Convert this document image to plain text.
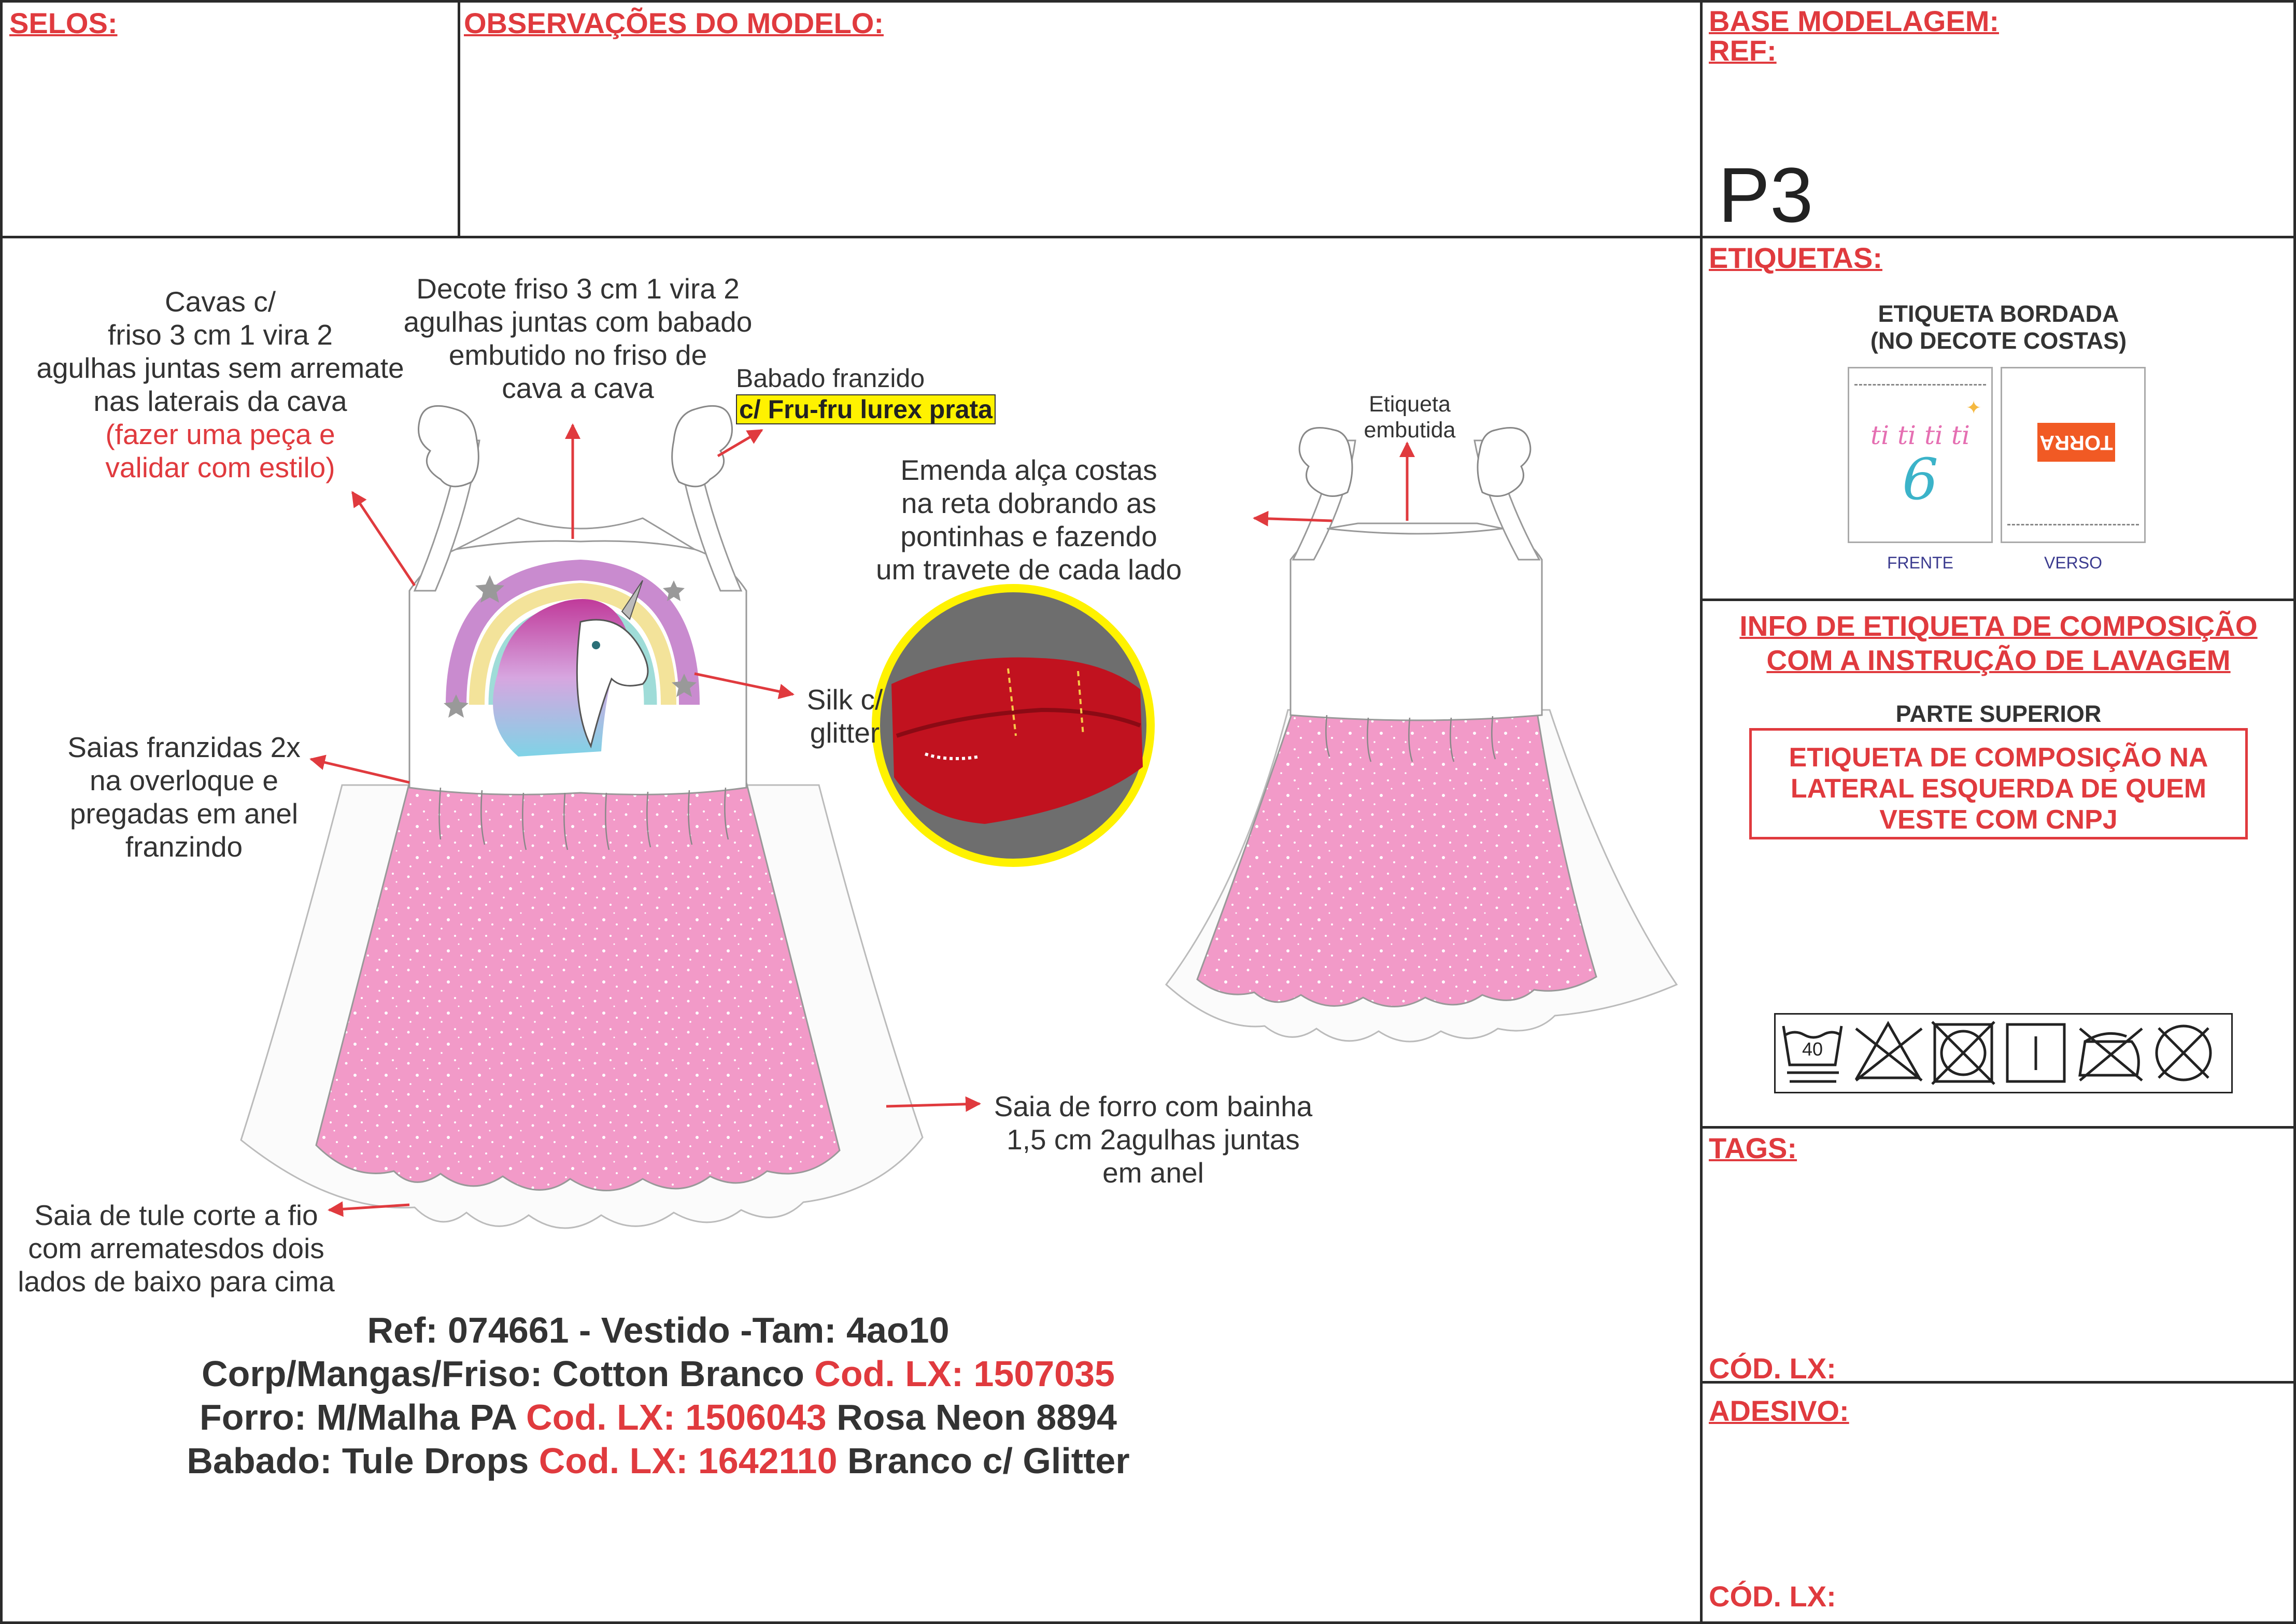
SELOS:	OBSERVAÇÕES DO MODELO:	BASE MODELAGEM:
REF:
P3
ETIQUETAS:
ETIQUETA BORDADA
(NO DECOTE COSTAS)
ti ti ti ti
6
✦
TORRA
FRENTE	VERSO
INFO DE ETIQUETA DE COMPOSIÇÃO
COM A INSTRUÇÃO DE LAVAGEM
PARTE SUPERIOR
ETIQUETA DE COMPOSIÇÃO NA
LATERAL ESQUERDA DE QUEM
VESTE COM CNPJ
40
TAGS:
CÓD. LX:
ADESIVO:
CÓD. LX:
Cavas c/
friso 3 cm 1 vira 2
agulhas juntas sem arremate
nas laterais da cava
(fazer uma peça e
validar com estilo)
Decote friso 3 cm 1 vira 2
agulhas juntas com babado
embutido no friso de
cava a cava	Babado franzido
c/ Fru-fru lurex prata
Emenda alça costas
na reta dobrando as
pontinhas e fazendo
um travete de cada lado
Etiqueta
embutida
Silk c/
glitter
Saias franzidas 2x
na overloque e
pregadas em anel
franzindo
Saia de forro com bainha
1,5 cm 2agulhas juntas
em anel
Saia de tule corte a fio
com arrematesdos dois
lados de baixo para cima
Ref: 074661 - Vestido -Tam: 4ao10
Corp/Mangas/Friso: Cotton Branco Cod. LX: 1507035
Forro: M/Malha PA Cod. LX: 1506043 Rosa Neon 8894
Babado: Tule Drops Cod. LX: 1642110 Branco c/ Glitter
